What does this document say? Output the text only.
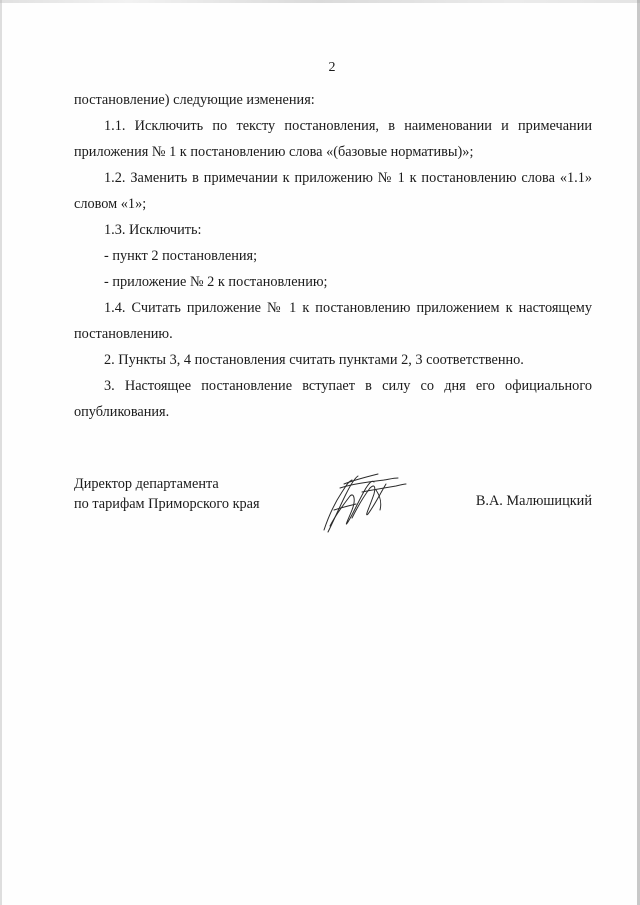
2

постановление) следующие изменения:

1.1. Исключить по тексту постановления, в наименовании и примечании приложения № 1 к постановлению слова «(базовые нормативы)»;

1.2. Заменить в примечании к приложению № 1 к постановлению слова «1.1» словом «1»;

1.3. Исключить:

- пункт 2 постановления;

- приложение № 2 к постановлению;

1.4. Считать приложение № 1 к постановлению приложением к настоящему постановлению.

2. Пункты 3, 4 постановления считать пунктами 2, 3 соответственно.

3. Настоящее постановление вступает в силу со дня его официального опубликования.

Директор департамента
по тарифам Приморского края	В.А. Малюшицкий
